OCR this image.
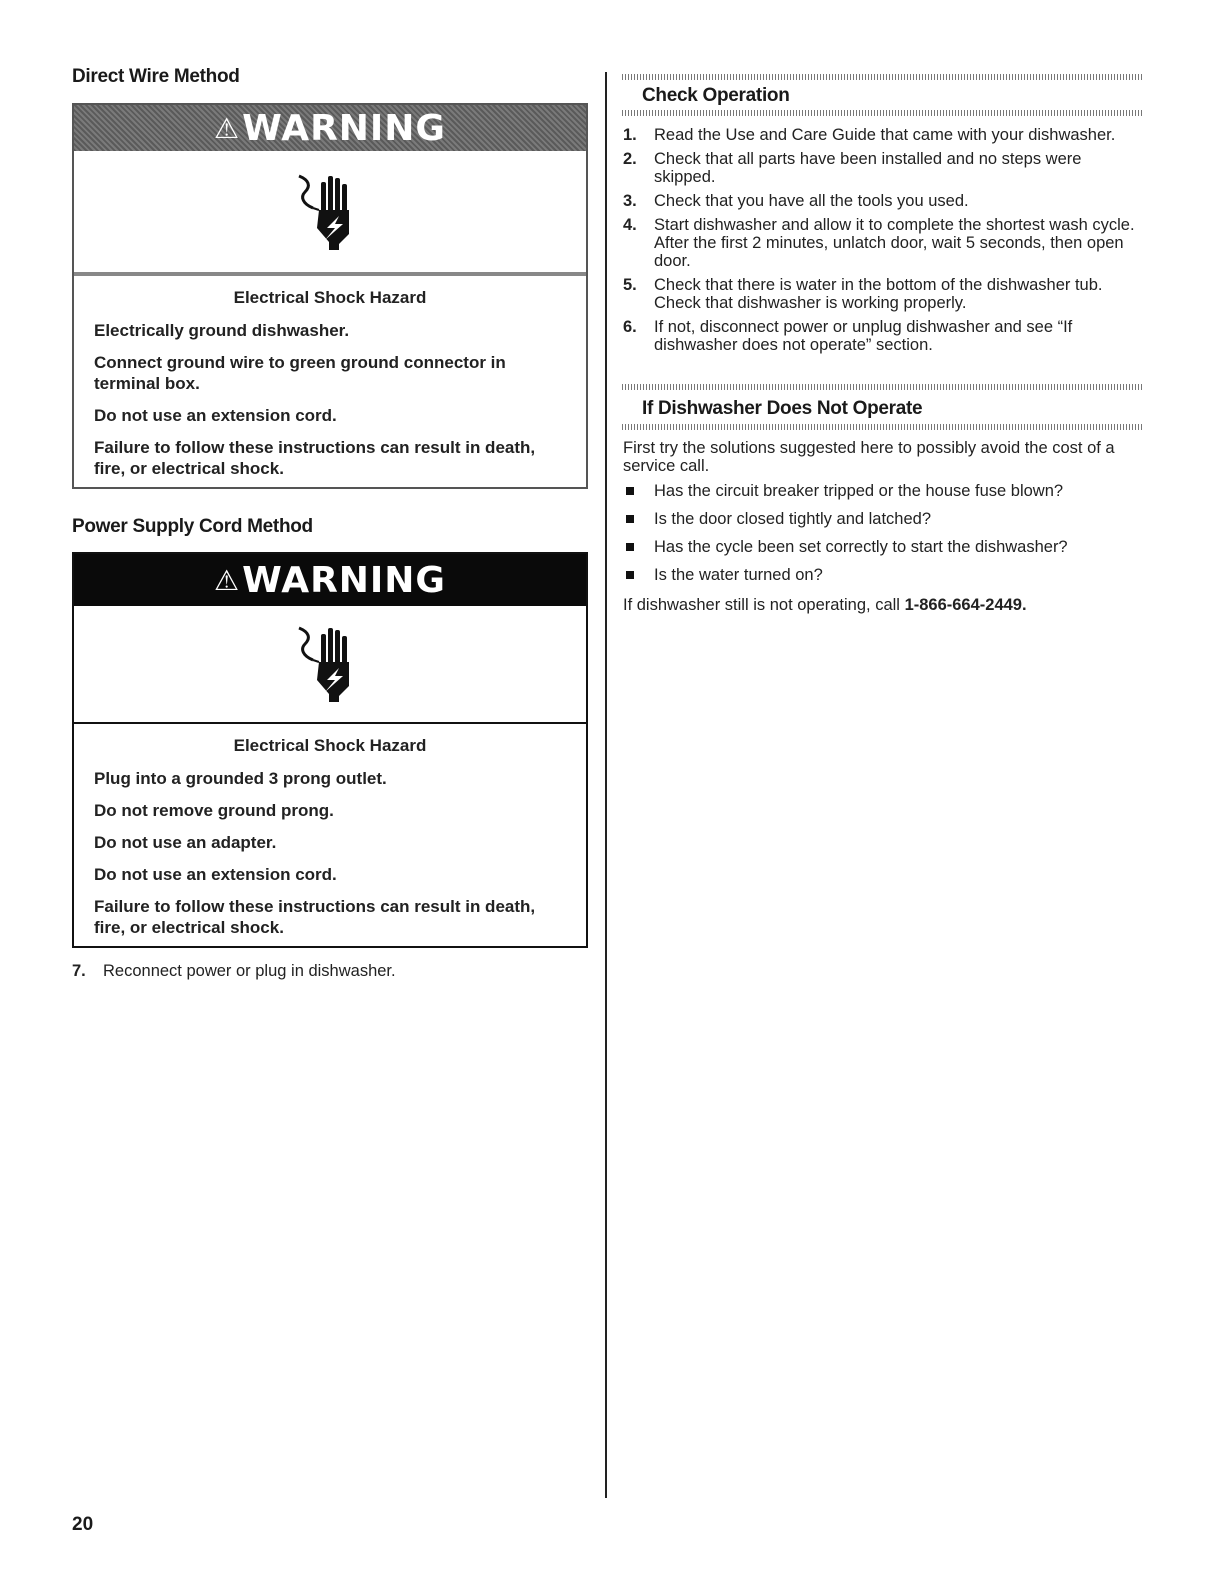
Direct Wire Method
⚠ WARNING

Electrical Shock Hazard

Electrically ground dishwasher.

Connect ground wire to green ground connector in terminal box.

Do not use an extension cord.

Failure to follow these instructions can result in death, fire, or electrical shock.

Power Supply Cord Method
⚠ WARNING

Electrical Shock Hazard

Plug into a grounded 3 prong outlet.

Do not remove ground prong.

Do not use an adapter.

Do not use an extension cord.

Failure to follow these instructions can result in death, fire, or electrical shock.

7.	Reconnect power or plug in dishwasher.
20
Check Operation
1.	Read the Use and Care Guide that came with your dishwasher.
2.	Check that all parts have been installed and no steps were skipped.
3.	Check that you have all the tools you used.
4.	Start dishwasher and allow it to complete the shortest wash cycle. After the first 2 minutes, unlatch door, wait 5 seconds, then open door.
5.	Check that there is water in the bottom of the dishwasher tub. Check that dishwasher is working properly.
6.	If not, disconnect power or unplug dishwasher and see “If dishwasher does not operate” section.
If Dishwasher Does Not Operate
First try the solutions suggested here to possibly avoid the cost of a service call.
Has the circuit breaker tripped or the house fuse blown?
Is the door closed tightly and latched?
Has the cycle been set correctly to start the dishwasher?
Is the water turned on?
If dishwasher still is not operating, call 1-866-664-2449.
